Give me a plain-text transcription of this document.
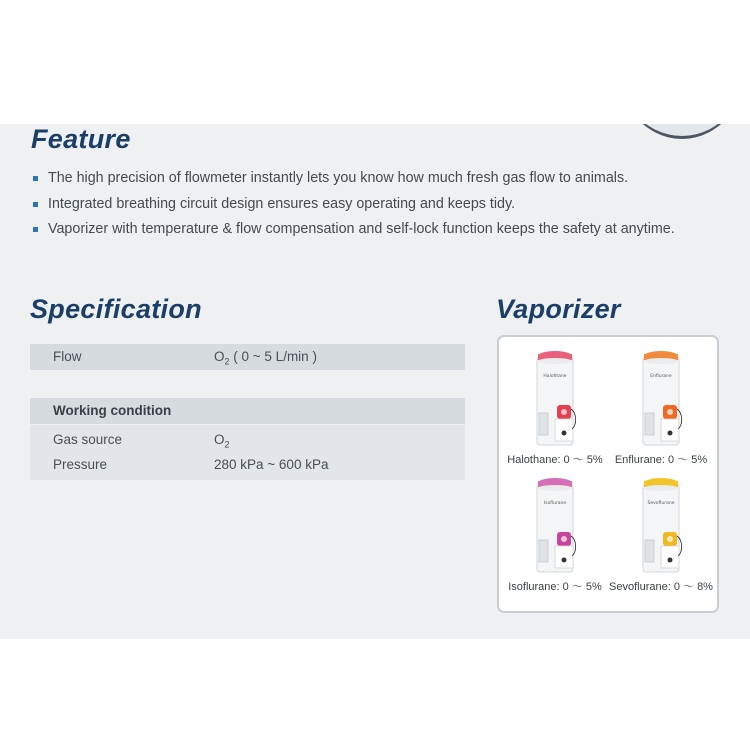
Feature
The high precision of flowmeter instantly lets you know how much fresh gas flow to animals.
Integrated breathing circuit design ensures easy operating and keeps tidy.
Vaporizer with temperature & flow compensation and self-lock function keeps the safety at anytime.
Specification
Flow	$O_2$ ( 0 ~ 5 L/min )
Working condition
Gas source	$O_2$
Pressure	280 kPa ~ 600 kPa
Vaporizer
Halothane
Halothane: 0 ～ 5%
Enflurane
Enflurane: 0 ～ 5%
Isoflurane
Isoflurane: 0 ～ 5%
Sevoflurane
Sevoflurane: 0 ～ 8%
